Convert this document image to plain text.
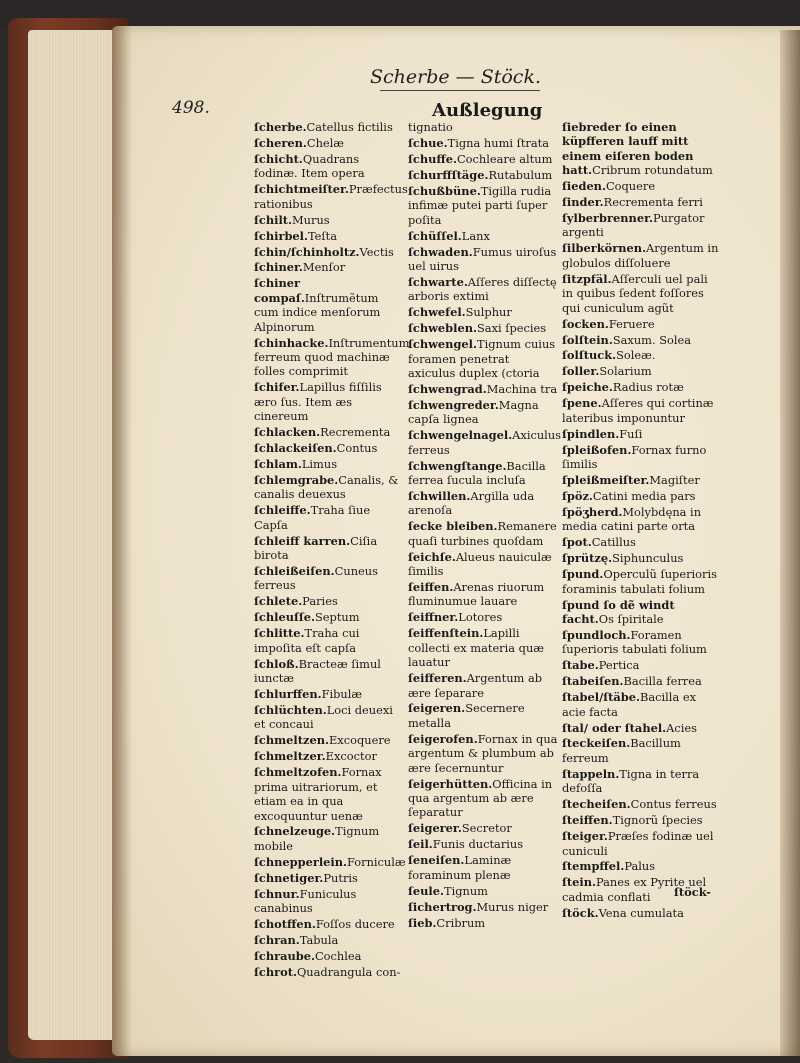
Scherbe — Stöck.
498.	Außlegung
ſcherbe.Catellus fictilis
ſcheren.Chelæ
ſchicht.Quadrans fodinæ. Item opera
ſchichtmeiſter.Præfectus rationibus
ſchilt.Murus
ſchirbel.Teſta
ſchin/ſchinholtz.Vectis
ſchiner.Menſor
ſchiner compaſ.Inſtrumẽtum cum indice menſorum Alpinorum
ſchinhacke.Inſtrumentum ferreum quod machinæ folles comprimit
ſchifer.Lapillus fiſſilis æro ſus. Item æs cinereum
ſchlacken.Recrementa
ſchlackeiſen.Contus
ſchlam.Limus
ſchlemgrabe.Canalis, & canalis deuexus
ſchleiffe.Traha ſiue Capſa
ſchleiff karren.Ciſia birota
ſchleißeiſen.Cuneus ferreus
ſchlete.Paries
ſchleuſſe.Septum
ſchlitte.Traha cui impoſita eſt capſa
ſchloß.Bracteæ ſimul iunctæ
ſchlurffen.Fibulæ
ſchlüchten.Loci deuexi et concaui
ſchmeltzen.Excoquere
ſchmeltzer.Excoctor
ſchmeltzofen.Fornax prima uitrariorum, et etiam ea in qua excoquuntur uenæ
ſchnelzeuge.Tignum mobile
ſchnepperlein.Forniculæ
ſchnetiger.Putris
ſchnur.Funiculus canabinus
ſchotffen.Foſſos ducere
ſchran.Tabula
ſchraube.Cochlea
ſchrot.Quadrangula con-
tignatio
ſchue.Tigna humi ſtrata
ſchuffe.Cochleare altum
ſchurffſtäge.Rutabulum
ſchußbüne.Tigilla rudia infimæ putei parti ſuper poſita
ſchüſſel.Lanx
ſchwaden.Fumus uiroſus uel uirus
ſchwarte.Aſſeres diſſectę arboris extimi
ſchwefel.Sulphur
ſchweblen.Saxi ſpecies
ſchwengel.Tignum cuius foramen penetrat axiculus duplex (ctoria
ſchwengrad.Machina tra
ſchwengreder.Magna capſa lignea
ſchwengelnagel.Axiculus ferreus
ſchwengſtange.Bacilla ferrea ſucula incluſa
ſchwillen.Argilla uda arenoſa
ſecke bleiben.Remanere quaſi turbines quoſdam
ſeichſe.Alueus nauiculæ ſimilis
ſeiffen.Arenas riuorum fluminumue lauare
ſeiffner.Lotores
ſeiffenſtein.Lapilli collecti ex materia quæ lauatur
ſeifferen.Argentum ab ære ſeparare
ſeigeren.Secernere metalla
ſeigerofen.Fornax in qua argentum & plumbum ab ære ſecernuntur
ſeigerhütten.Officina in qua argentum ab ære ſeparatur
ſeigerer.Secretor
ſeil.Funis ductarius
ſeneiſen.Laminæ foraminum plenæ
ſeule.Tignum
ſichertrog.Murus niger
ſieb.Cribrum
ſiebreder ſo einen küpfferen lauff mitt einem eiſeren boden hatt.Cribrum rotundatum
ſieden.Coquere
ſinder.Recrementa ferri
ſylberbrenner.Purgator argenti
ſilberkörnen.Argentum in globulos diſſoluere
ſitzpfäl.Aſſerculi uel pali in quibus ſedent foſſores qui cuniculum agũt
ſocken.Feruere
ſolſtein.Saxum. Solea
ſolſtuck.Soleæ.
ſoller.Solarium
ſpeiche.Radius rotæ
ſpene.Aſſeres qui cortinæ lateribus imponuntur
ſpindlen.Fuſi
ſpleißofen.Fornax furno ſimilis
ſpleißmeiſter.Magiſter
ſpöz.Catini media pars
ſpöʒherd.Molybdęna in media catini parte orta
ſpot.Catillus
ſprützę.Siphunculus
ſpund.Operculũ ſuperioris foraminis tabulati folium
ſpund ſo dẽ windt facht.Os ſpiritale
ſpundloch.Foramen ſuperioris tabulati folium
ſtabe.Pertica
ſtabeiſen.Bacilla ferrea
ſtabel/ſtäbe.Bacilla ex acie facta
ſtal/ oder ſtahel.Acies
ſteckeiſen.Bacillum ferreum
ſtappeln.Tigna in terra defoſſa
ſtecheiſen.Contus ferreus
ſteiffen.Tignorũ ſpecies
ſteiger.Præſes fodinæ uel cuniculi
ſtempffel.Palus
ſtein.Panes ex Pyrite uel cadmia conflati
ſtöck.Vena cumulata
ſtöck-
